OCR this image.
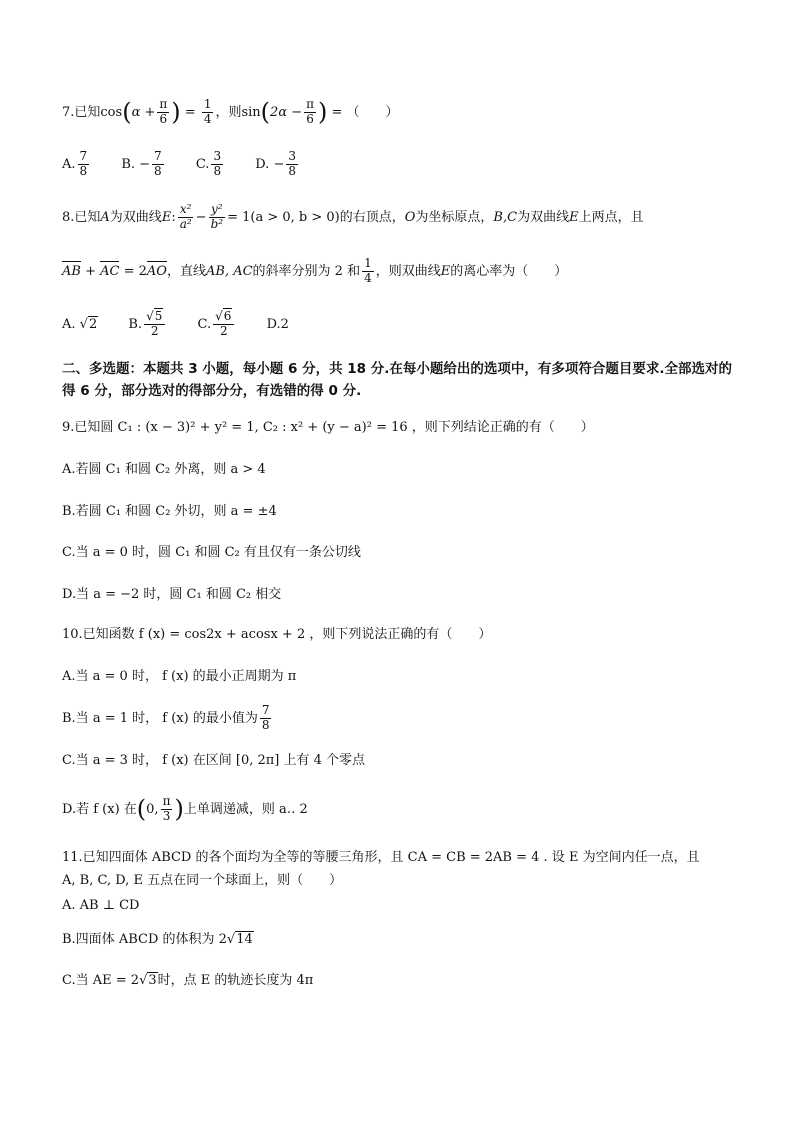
7.已知$\cos(\alpha + \frac{\pi}{6}$ ) = $\frac{1}{4}$ ，则$\sin(2\alpha - \frac{\pi}{6}$ ) = （　　）
A. $\frac{7}{8} B$. − $\frac{7}{8} C$. $\frac{3}{8} D$. − $\frac{3}{8}$
8.已知A为双曲线E: $\frac{\text{x²}}{\text{a²}} - \frac{\text{y²}}{\text{b²}} = 1(a > 0$, b > 0)的右顶点，O为坐标原点，B,C为双曲线E上两点，且
AB + AC = 2AO，直线AB, AC的斜率分别为 2 和 $\frac{1}{4}$ ，则双曲线E的离心率为（　　）
A. √2 B. $\frac{√5}{2} C$. $\frac{√6}{2} D.2$
二、多选题：本题共 3 小题，每小题 6 分，共 18 分.在每小题给出的选项中，有多项符合题目要求.全部选对的得 6 分，部分选对的得部分分，有选错的得 0 分.
9.已知圆 C₁ : (x − 3)² + y² = 1, C₂ : x² + (y − a)² = 16 ，则下列结论正确的有（　　）
A.若圆 C₁ 和圆 C₂ 外离，则 a > 4
B.若圆 C₁ 和圆 C₂ 外切，则 a = ±4
C.当 a = 0 时，圆 C₁ 和圆 C₂ 有且仅有一条公切线
D.当 a = −2 时，圆 C₁ 和圆 C₂ 相交
10.已知函数 f (x) = cos2x + acosx + 2 ，则下列说法正确的有（　　）
A.当 a = 0 时， f (x) 的最小正周期为 π
B.当 a = 1 时， f (x) 的最小值为 $\frac{7}{8}$
C.当 a = 3 时， f (x) 在区间 [0, 2π] 上有 4 个零点
D.若 f (x) 在(0, $\frac{\pi}{3}$ )上单调递减，则 a‥ 2
11.已知四面体 ABCD 的各个面均为全等的等腰三角形，且 CA = CB = 2AB = 4 . 设 E 为空间内任一点，且
A, B, C, D, E 五点在同一个球面上，则（　　）
A. AB ⊥ CD
B.四面体 ABCD 的体积为 2√14
C.当 AE = 2√3时，点 E 的轨迹长度为 4π
